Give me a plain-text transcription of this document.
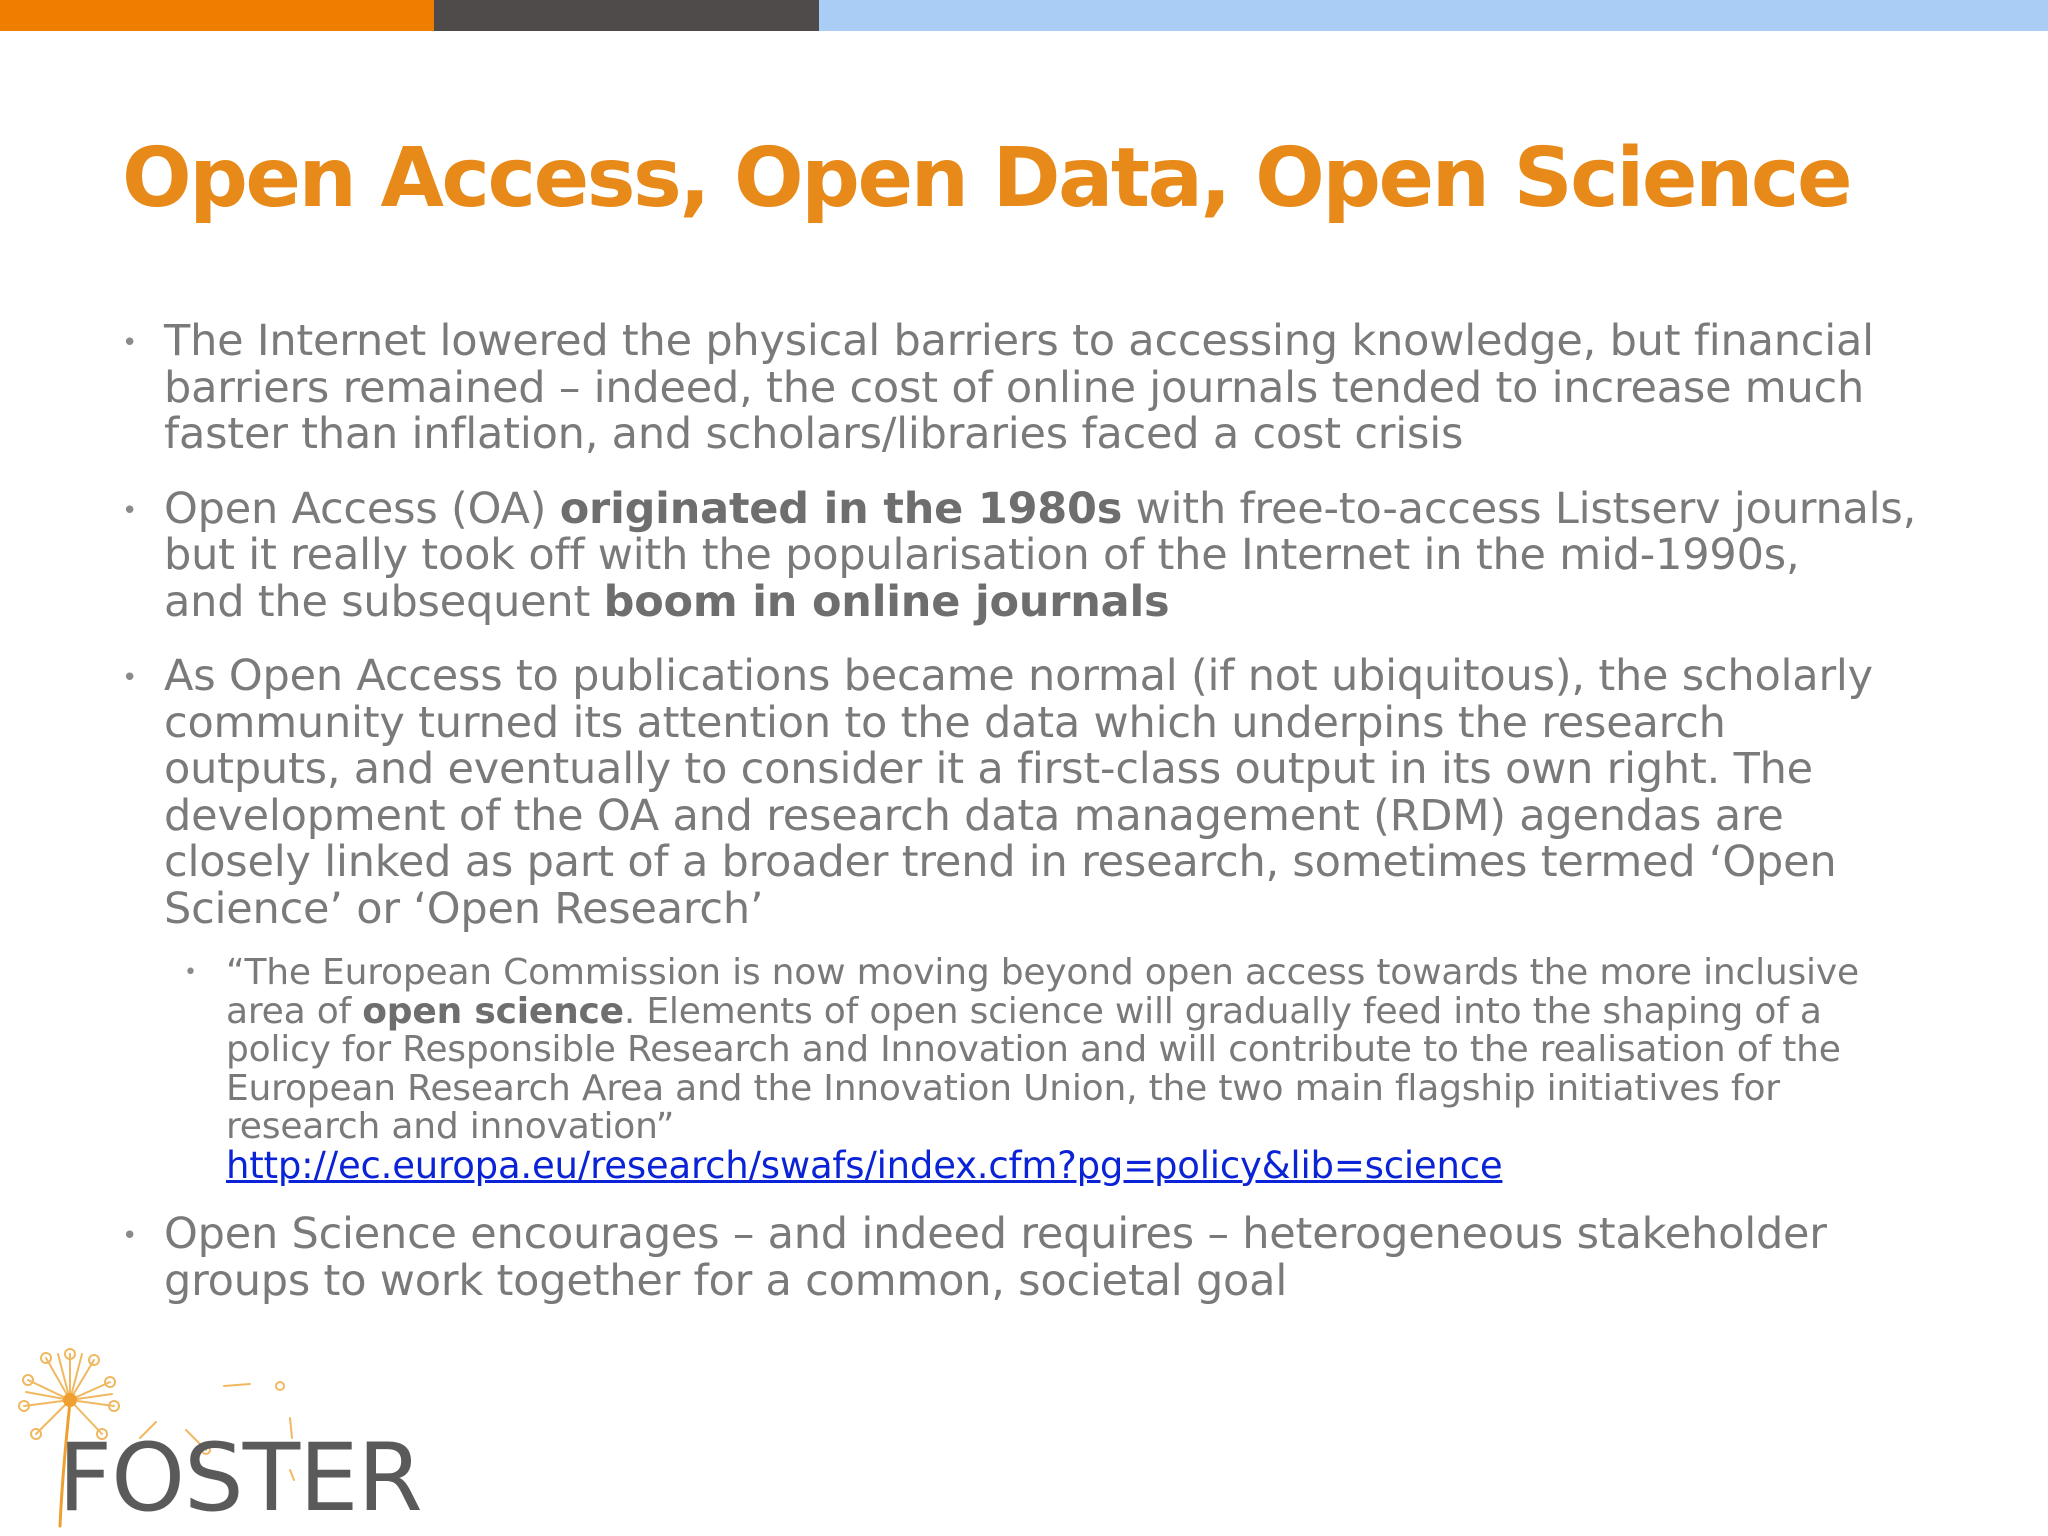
Open Access, Open Data, Open Science
• The Internet lowered the physical barriers to accessing knowledge, but financial
barriers remained – indeed, the cost of online journals tended to increase much
faster than inflation, and scholars/libraries faced a cost crisis
• Open Access (OA) originated in the 1980s with free-to-access Listserv journals,
but it really took off with the popularisation of the Internet in the mid-1990s,
and the subsequent boom in online journals
• As Open Access to publications became normal (if not ubiquitous), the scholarly
community turned its attention to the data which underpins the research
outputs, and eventually to consider it a first-class output in its own right. The
development of the OA and research data management (RDM) agendas are
closely linked as part of a broader trend in research, sometimes termed ‘Open
Science’ or ‘Open Research’
• “The European Commission is now moving beyond open access towards the more inclusive
area of open science. Elements of open science will gradually feed into the shaping of a
policy for Responsible Research and Innovation and will contribute to the realisation of the
European Research Area and the Innovation Union, the two main flagship initiatives for
research and innovation”
http://ec.europa.eu/research/swafs/index.cfm?pg=policy&lib=science
• Open Science encourages – and indeed requires – heterogeneous stakeholder
groups to work together for a common, societal goal
FOSTER
